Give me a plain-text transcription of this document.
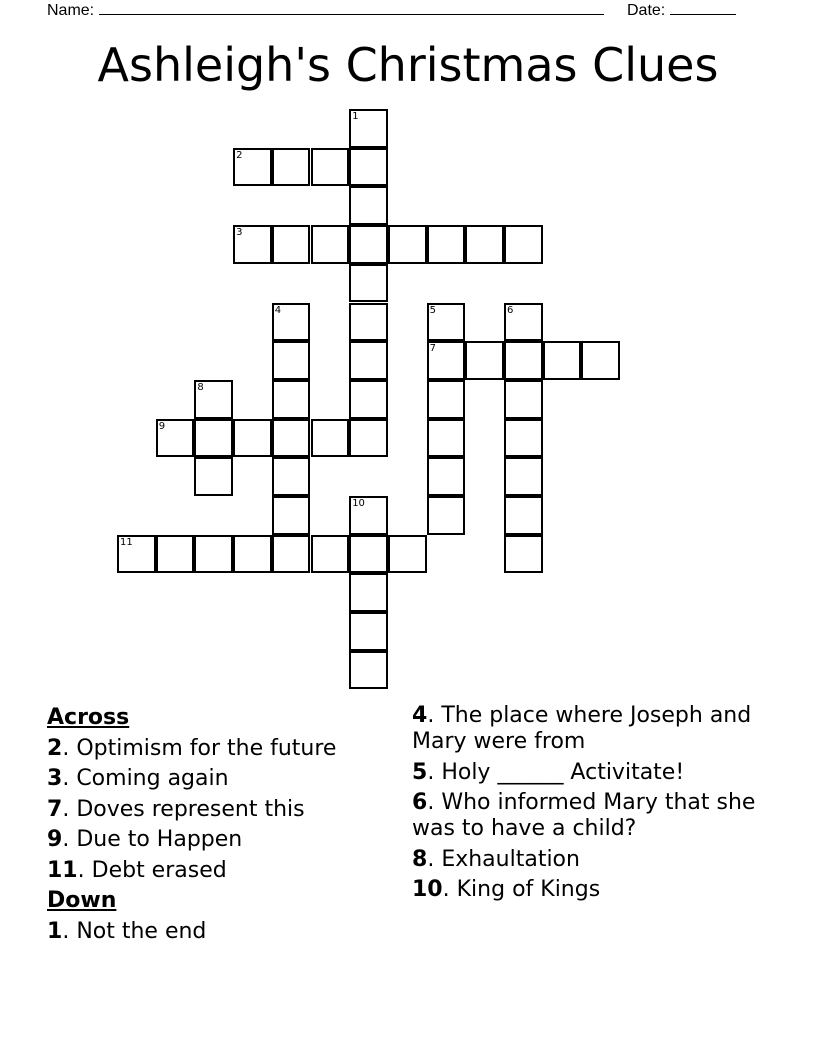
Name:	Date:
Ashleigh's Christmas Clues
1
2
3
4	5
7
6
8
9
10
11
Across
2. Optimism for the future
3. Coming again
7. Doves represent this
9. Due to Happen
11. Debt erased
Down
1. Not the end
4. The place where Joseph and Mary were from
5. Holy ______ Activitate!
6. Who informed Mary that she was to have a child?
8. Exhaultation
10. King of Kings
